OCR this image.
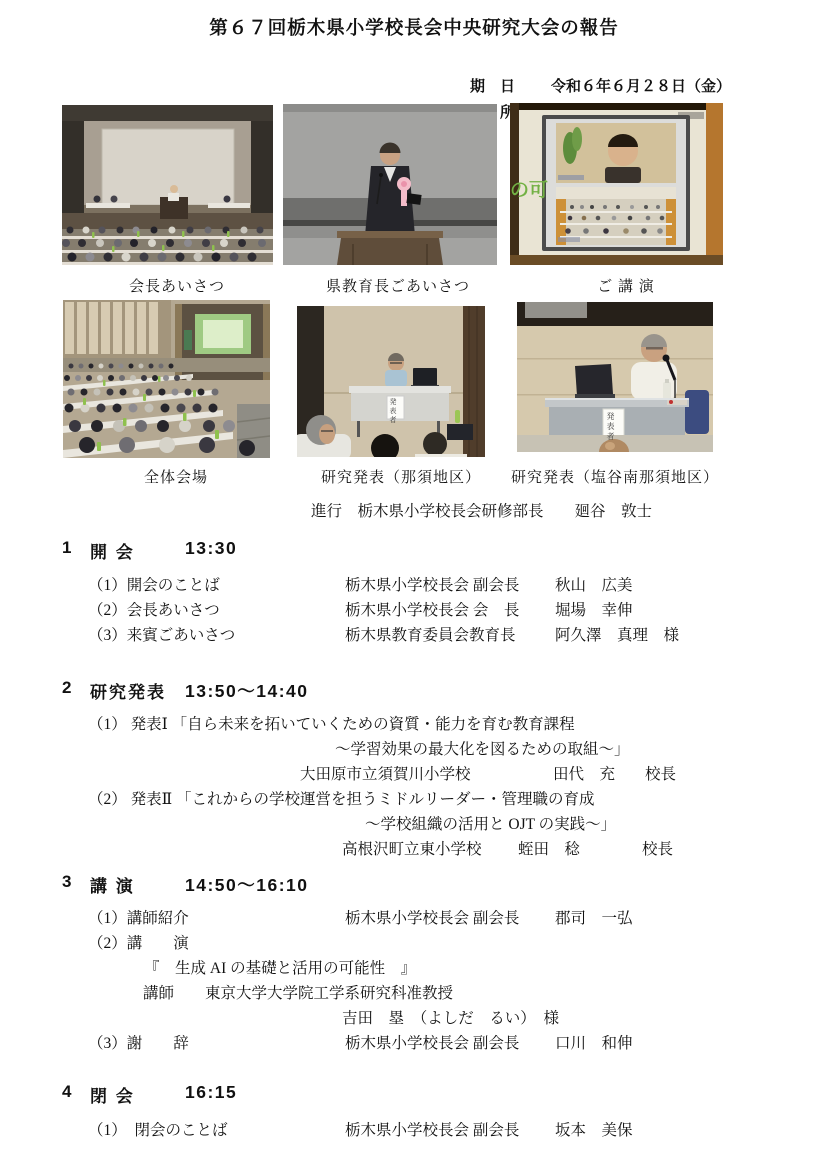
第６７回栃木県小学校長会中央研究大会の報告

期　日 令和６年６月２８日（金）

　所

の可
発表者
発表者
会長あいさつ	県教育長ごあいさつ	ご 講 演
全体会場	研究発表（那須地区）	研究発表（塩谷南那須地区）
進行　栃木県小学校長会研修部長　　廻谷　敦士
1 開 会	13:30
（1）開会のことば	栃木県小学校長会 副会長 秋山　広美
（2）会長あいさつ	栃木県小学校長会 会　長 堀場　幸伸
（3）来賓ごあいさつ	栃木県教育委員会教育長	阿久澤　真理　様
2 研究発表 13:50～14:40
（1） 発表Ⅰ 「自ら未来を拓いていくための資質・能力を育む教育課程
～学習効果の最大化を図るための取組～」
大田原市立須賀川小学校	田代　充 校長
（2） 発表Ⅱ 「これからの学校運営を担うミドルリーダー・管理職の育成
～学校組織の活用と OJT の実践～」
高根沢町立東小学校 蛭田　稔	校長
3 講 演	14:50～16:10
（1）講師紹介	栃木県小学校長会 副会長 郡司　一弘
（2）講　　演
『　生成 AI の基礎と活用の可能性　』
講師　　東京大学大学院工学系研究科准教授
吉田　塁　（よしだ　るい）　様
（3）謝　　辞	栃木県小学校長会 副会長 口川　和伸
4 閉 会	16:15
（1）　閉会のことば	栃木県小学校長会 副会長 坂本　美保
